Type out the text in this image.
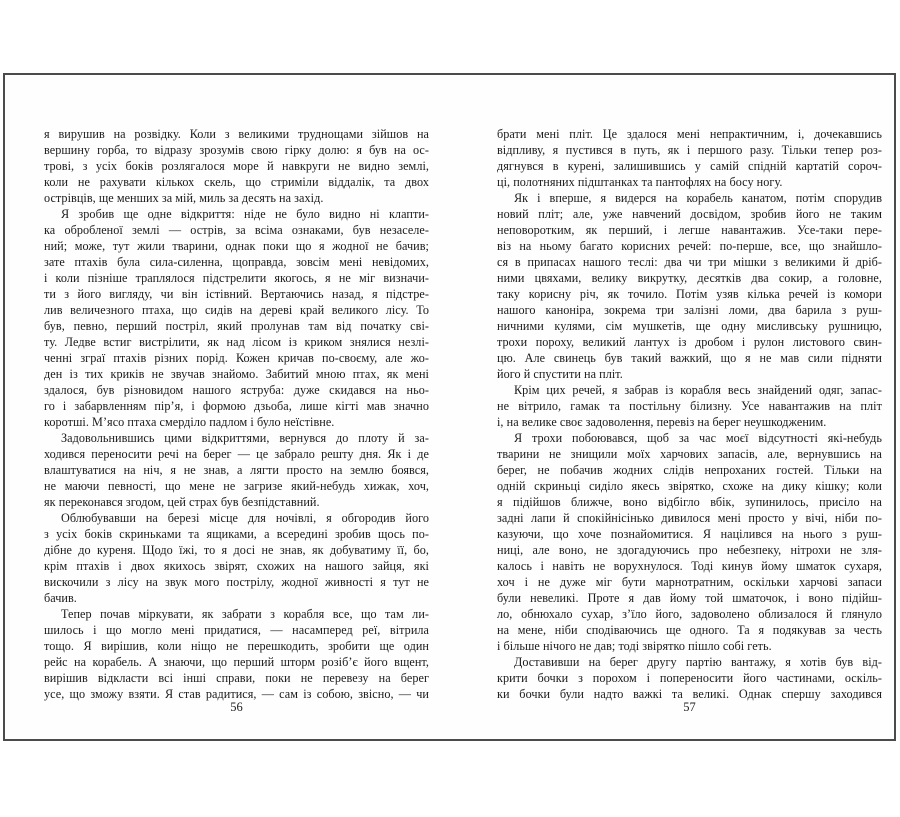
я вирушив на розвідку. Коли з великими труднощами зійшов на
вершину горба, то відразу зрозумів свою гірку долю: я був на ос-
трові, з усіх боків розлягалося море й навкруги не видно землі,
коли не рахувати кількох скель, що стриміли віддалік, та двох
острівців, ще менших за мій, миль за десять на захід.
Я зробив ще одне відкриття: ніде не було видно ні клапти-
ка обробленої землі — острів, за всіма ознаками, був незаселе-
ний; може, тут жили тварини, однак поки що я жодної не бачив;
зате птахів була сила-силенна, щоправда, зовсім мені невідомих,
і коли пізніше траплялося підстрелити якогось, я не міг визначи-
ти з його вигляду, чи він істівний. Вертаючись назад, я підстре-
лив величезного птаха, що сидів на дереві край великого лісу. То
був, певно, перший постріл, який пролунав там від початку сві-
ту. Ледве встиг вистрілити, як над лісом із криком знялися незлі-
ченні зграї птахів різних порід. Кожен кричав по-своєму, але жо-
ден із тих криків не звучав знайомо. Забитий мною птах, як мені
здалося, був різновидом нашого яструба: дуже скидався на ньо-
го і забарвленням пір’я, і формою дзьоба, лише кігті мав значно
коротші. М’ясо птаха смерділо падлом і було неїстівне.
Задовольнившись цими відкриттями, вернувся до плоту й за-
ходився переносити речі на берег — це забрало решту дня. Як і де
влаштуватися на ніч, я не знав, а лягти просто на землю боявся,
не маючи певності, що мене не загризе який-небудь хижак, хоч,
як переконався згодом, цей страх був безпідставний.
Облюбувавши на березі місце для ночівлі, я обгородив його
з усіх боків скриньками та ящиками, а всередині зробив щось по-
дібне до куреня. Щодо їжі, то я досі не знав, як добуватиму її, бо,
крім птахів і двох якихось звірят, схожих на нашого зайця, які
вискочили з лісу на звук мого пострілу, жодної живності я тут не
бачив.
Тепер почав міркувати, як забрати з корабля все, що там ли-
шилось і що могло мені придатися, — насамперед реї, вітрила
тощо. Я вирішив, коли ніщо не перешкодить, зробити ще один
рейс на корабель. А знаючи, що перший шторм розіб’є його вщент,
вирішив відкласти всі інші справи, поки не перевезу на берег
усе, що зможу взяти. Я став радитися, — сам із собою, звісно, — чи
56
брати мені пліт. Це здалося мені непрактичним, і, дочекавшись
відпливу, я пустився в путь, як і першого разу. Тільки тепер роз-
дягнувся в курені, залишившись у самій спідній картатій сороч-
ці, полотняних підштанках та пантофлях на босу ногу.
Як і вперше, я видерся на корабель канатом, потім спорудив
новий пліт; але, уже навчений досвідом, зробив його не таким
неповоротким, як перший, і легше навантажив. Усе-таки пере-
віз на ньому багато корисних речей: по-перше, все, що знайшло-
ся в припасах нашого теслі: два чи три мішки з великими й дріб-
ними цвяхами, велику викрутку, десятків два сокир, а головне,
таку корисну річ, як точило. Потім узяв кілька речей із комори
нашого каноніра, зокрема три залізні ломи, два барила з руш-
ничними кулями, сім мушкетів, ще одну мисливську рушницю,
трохи пороху, великий лантух із дробом і рулон листового свин-
цю. Але свинець був такий важкий, що я не мав сили підняти
його й спустити на пліт.
Крім цих речей, я забрав із корабля весь знайдений одяг, запас-
не вітрило, гамак та постільну білизну. Усе навантажив на пліт
і, на велике своє задоволення, перевіз на берег неушкодженим.
Я трохи побоювався, щоб за час моєї відсутності які-небудь
тварини не знищили моїх харчових запасів, але, вернувшись на
берег, не побачив жодних слідів непроханих гостей. Тільки на
одній скриньці сиділо якесь звірятко, схоже на дику кішку; коли
я підійшов ближче, воно відбігло вбік, зупинилось, присіло на
задні лапи й спокійнісінько дивилося мені просто у вічі, ніби по-
казуючи, що хоче познайомитися. Я націлився на нього з руш-
ниці, але воно, не здогадуючись про небезпеку, нітрохи не зля-
калось і навіть не ворухнулося. Тоді кинув йому шматок сухаря,
хоч і не дуже міг бути марнотратним, оскільки харчові запаси
були невеликі. Проте я дав йому той шматочок, і воно підійш-
ло, обнюхало сухар, з’їло його, задоволено облизалося й глянуло
на мене, ніби сподіваючись ще одного. Та я подякував за честь
і більше нічого не дав; тоді звірятко пішло собі геть.
Доставивши на берег другу партію вантажу, я хотів був від-
крити бочки з порохом і попереносити його частинами, оскіль-
ки бочки були надто важкі та великі. Однак спершу заходився
57
